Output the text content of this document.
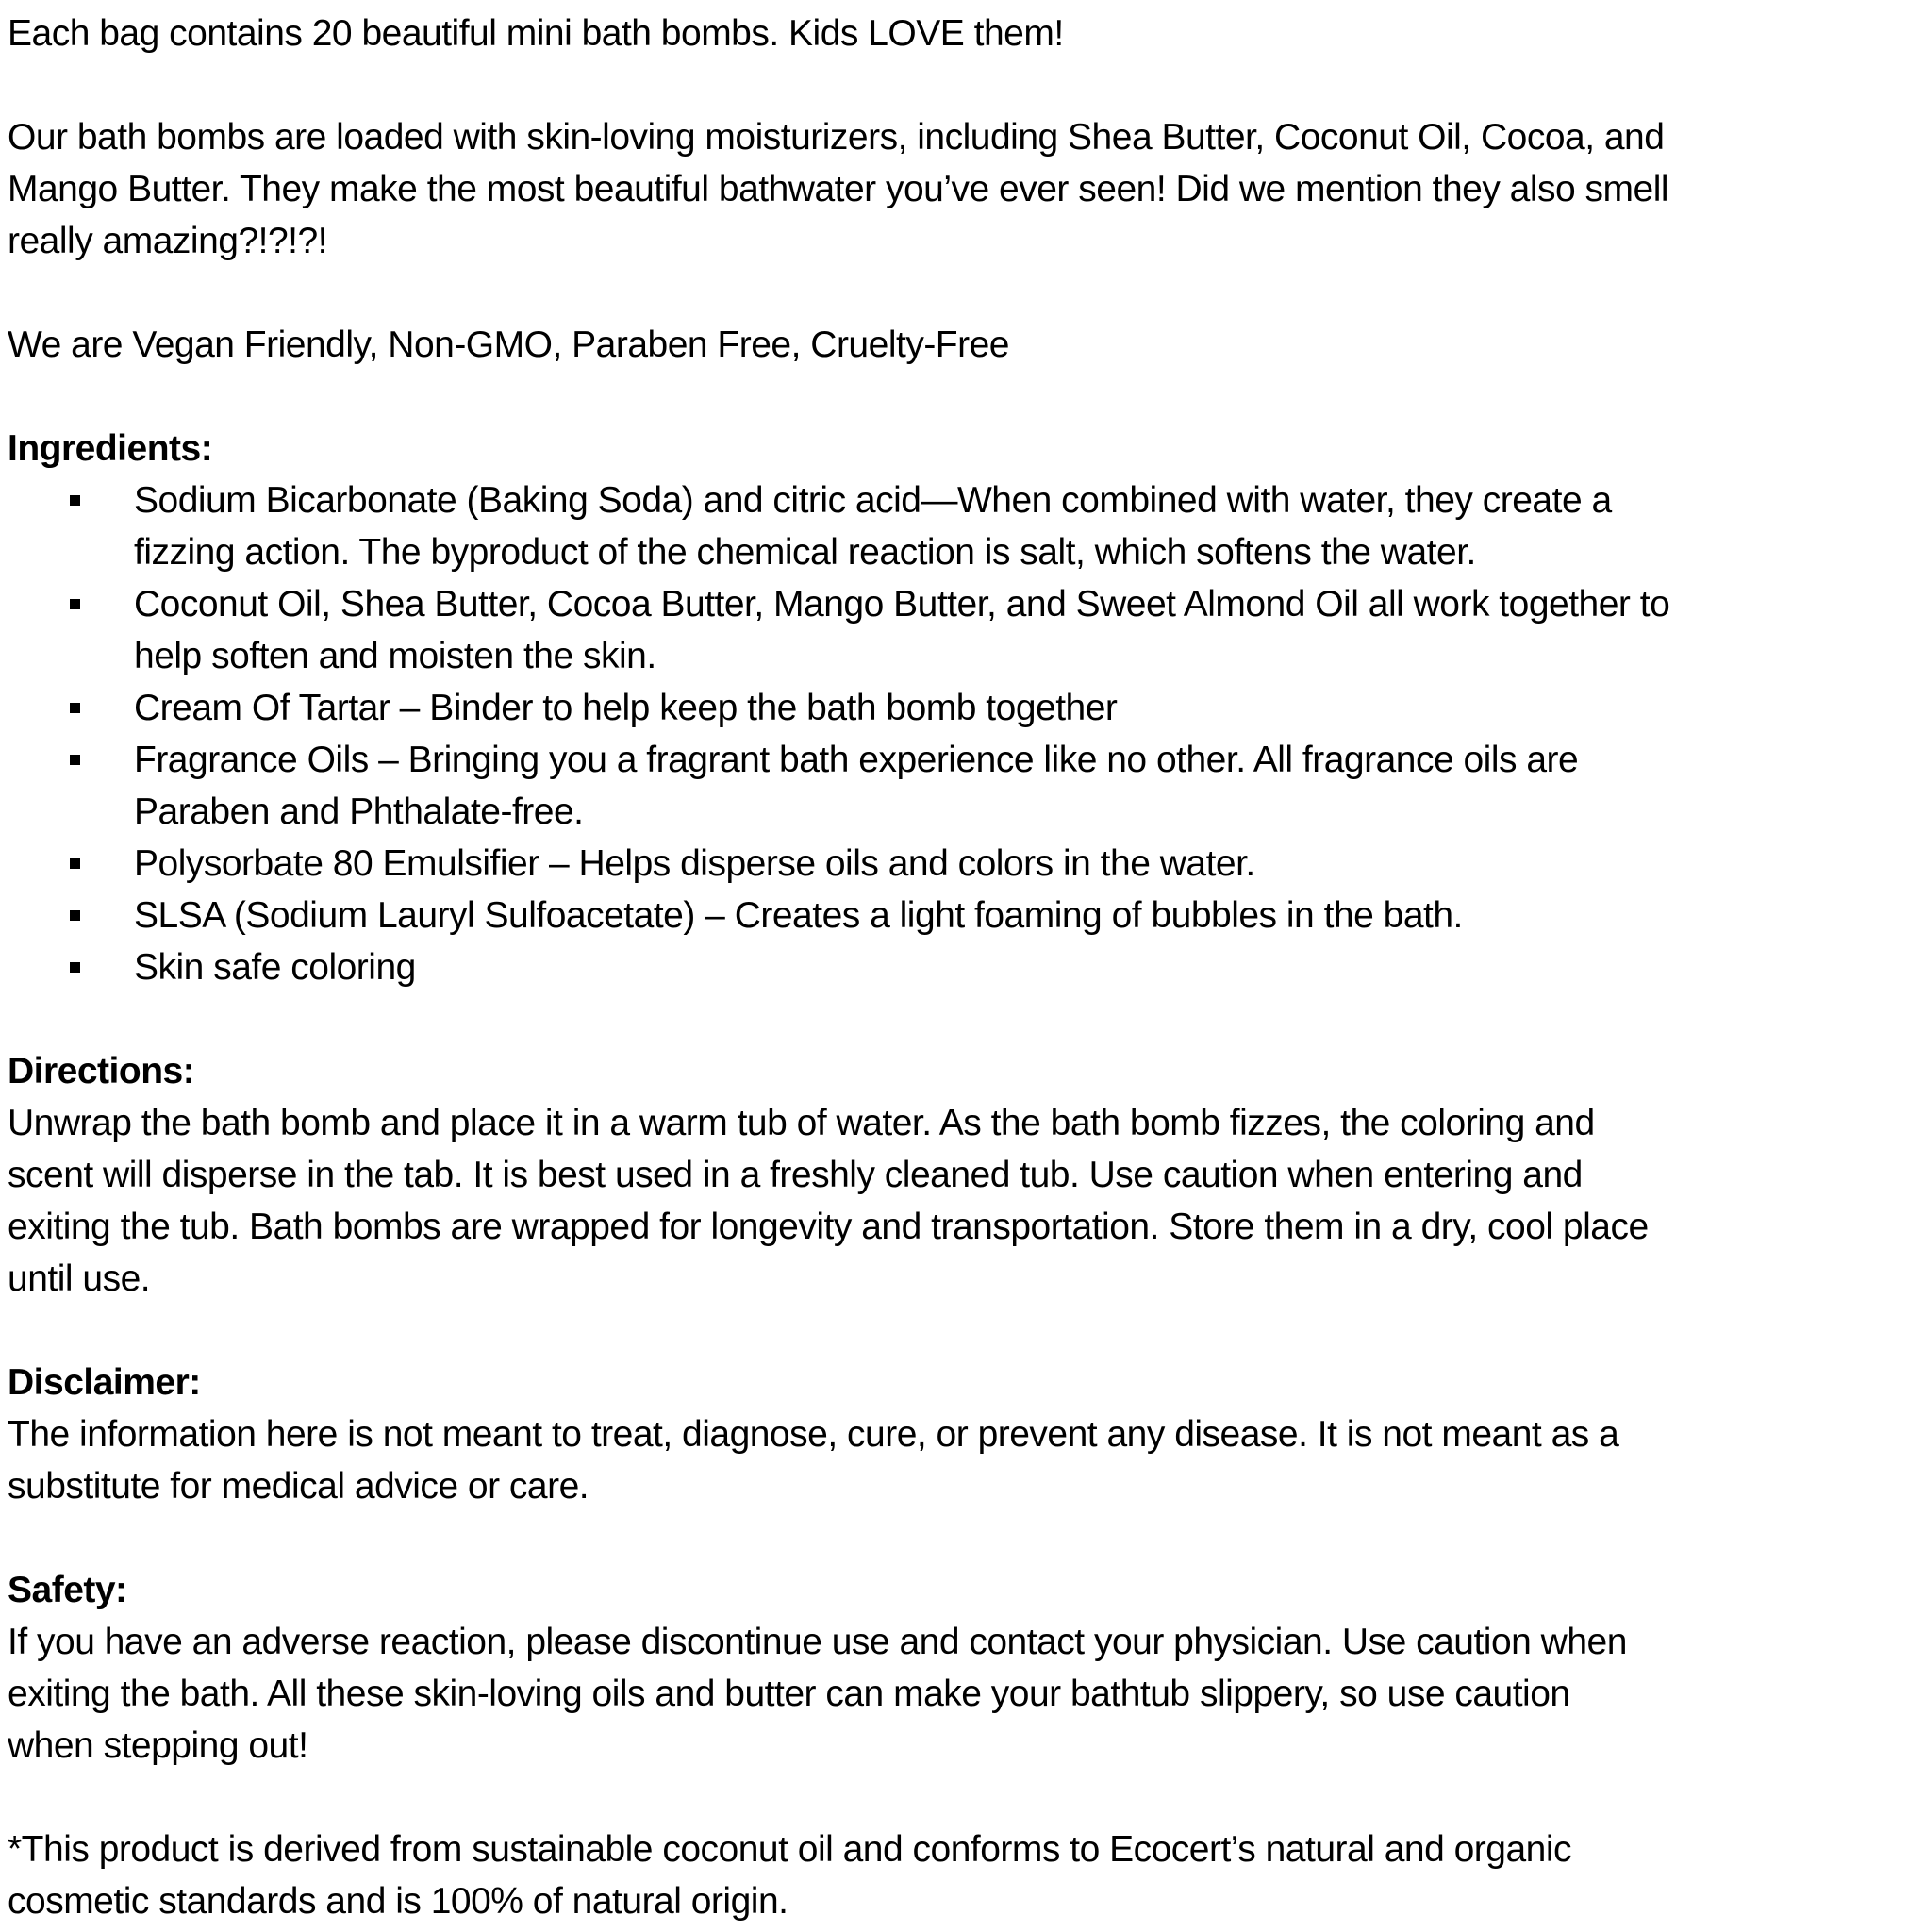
Each bag contains 20 beautiful mini bath bombs. Kids LOVE them!
Our bath bombs are loaded with skin-loving moisturizers, including Shea Butter, Coconut Oil, Cocoa, and
Mango Butter. They make the most beautiful bathwater you’ve ever seen! Did we mention they also smell
really amazing?!?!?!
We are Vegan Friendly, Non-GMO, Paraben Free, Cruelty-Free
Ingredients:
Sodium Bicarbonate (Baking Soda) and citric acid—When combined with water, they create a
fizzing action. The byproduct of the chemical reaction is salt, which softens the water.
Coconut Oil, Shea Butter, Cocoa Butter, Mango Butter, and Sweet Almond Oil all work together to
help soften and moisten the skin.
Cream Of Tartar – Binder to help keep the bath bomb together
Fragrance Oils – Bringing you a fragrant bath experience like no other. All fragrance oils are
Paraben and Phthalate-free.
Polysorbate 80 Emulsifier – Helps disperse oils and colors in the water.
SLSA (Sodium Lauryl Sulfoacetate) – Creates a light foaming of bubbles in the bath.
Skin safe coloring
Directions:
Unwrap the bath bomb and place it in a warm tub of water. As the bath bomb fizzes, the coloring and
scent will disperse in the tab. It is best used in a freshly cleaned tub. Use caution when entering and
exiting the tub. Bath bombs are wrapped for longevity and transportation. Store them in a dry, cool place
until use.
Disclaimer:
The information here is not meant to treat, diagnose, cure, or prevent any disease. It is not meant as a
substitute for medical advice or care.
Safety:
If you have an adverse reaction, please discontinue use and contact your physician. Use caution when
exiting the bath. All these skin-loving oils and butter can make your bathtub slippery, so use caution
when stepping out!
*This product is derived from sustainable coconut oil and conforms to Ecocert’s natural and organic
cosmetic standards and is 100% of natural origin.
